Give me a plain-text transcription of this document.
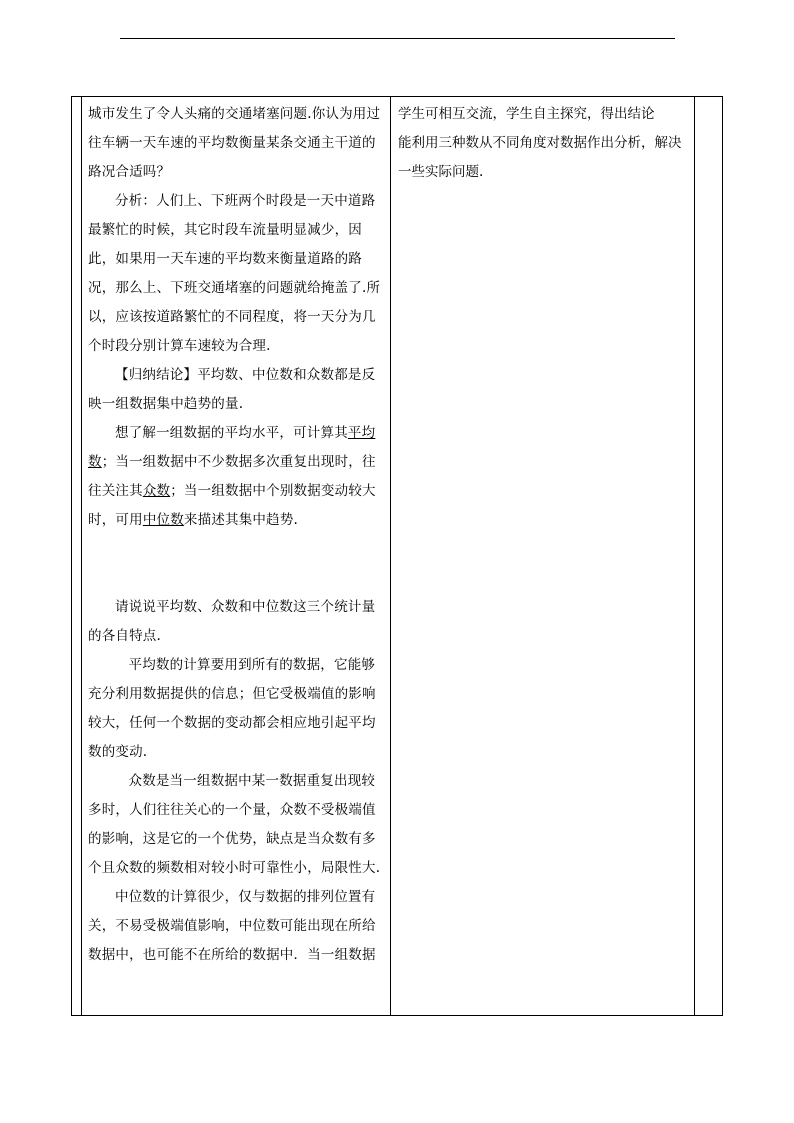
城市发生了令人头痛的交通堵塞问题.你认为用过往车辆一天车速的平均数衡量某条交通主干道的路况合适吗？

分析：人们上、下班两个时段是一天中道路最繁忙的时候，其它时段车流量明显减少，因此，如果用一天车速的平均数来衡量道路的路况，那么上、下班交通堵塞的问题就给掩盖了.所以，应该按道路繁忙的不同程度，将一天分为几个时段分别计算车速较为合理.

【归纳结论】平均数、中位数和众数都是反映一组数据集中趋势的量.

想了解一组数据的平均水平，可计算其平均数；当一组数据中不少数据多次重复出现时，往往关注其众数；当一组数据中个别数据变动较大时，可用中位数来描述其集中趋势.

请说说平均数、众数和中位数这三个统计量的各自特点.

平均数的计算要用到所有的数据，它能够充分利用数据提供的信息；但它受极端值的影响较大，任何一个数据的变动都会相应地引起平均数的变动.

众数是当一组数据中某一数据重复出现较多时，人们往往关心的一个量，众数不受极端值的影响，这是它的一个优势，缺点是当众数有多个且众数的频数相对较小时可靠性小，局限性大.

中位数的计算很少，仅与数据的排列位置有关，不易受极端值影响，中位数可能出现在所给数据中，也可能不在所给的数据中．当一组数据

学生可相互交流，学生自主探究，得出结论

能利用三种数从不同角度对数据作出分析，解决一些实际问题.
